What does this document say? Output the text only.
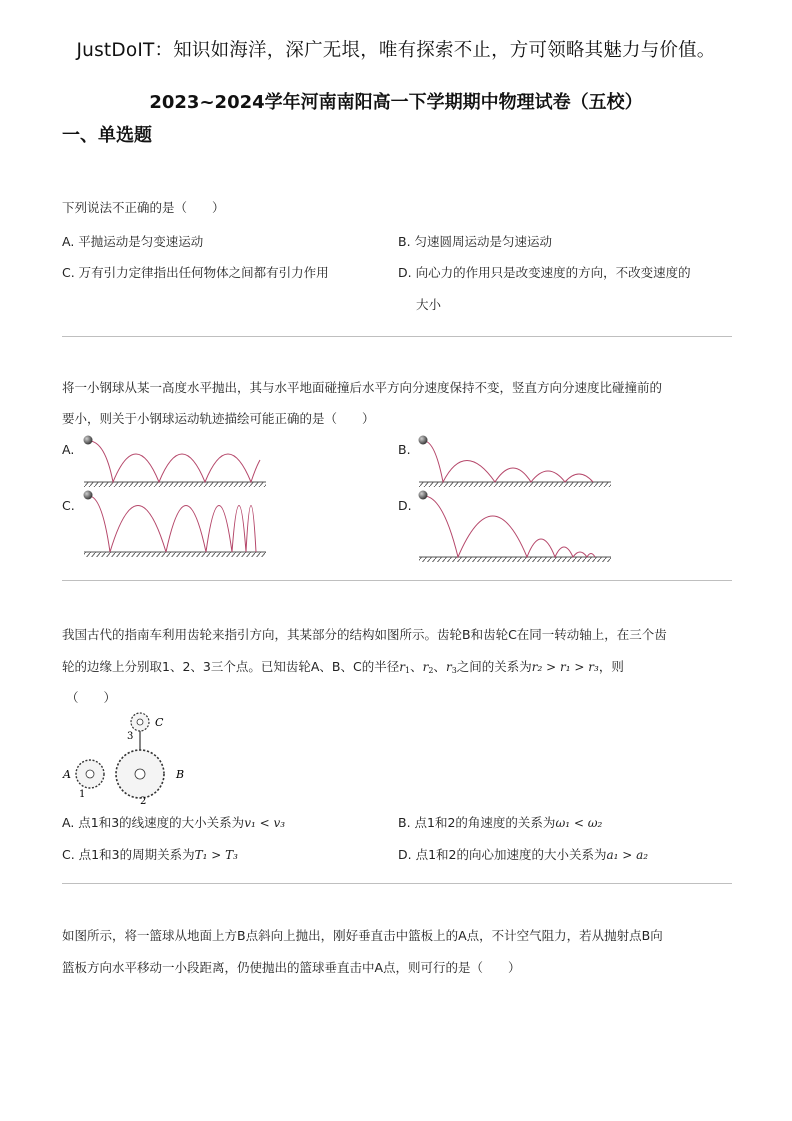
JustDoIT：知识如海洋，深广无垠，唯有探索不止，方可领略其魅力与价值。
2023~2024学年河南南阳高一下学期期中物理试卷（五校）
一、单选题
下列说法不正确的是（　　）
A. 平抛运动是匀变速运动	B. 匀速圆周运动是匀速运动
C. 万有引力定律指出任何物体之间都有引力作用	D. 向心力的作用只是改变速度的方向，不改变速度的
大小
将一小钢球从某一高度水平抛出，其与水平地面碰撞后水平方向分速度保持不变，竖直方向分速度比碰撞前的
要小，则关于小钢球运动轨迹描绘可能正确的是（　　）
A.	B.
C.	D.
我国古代的指南车利用齿轮来指引方向，其某部分的结构如图所示。齿轮B和齿轮C在同一转动轴上，在三个齿
轮的边缘上分别取1、2、3三个点。已知齿轮A、B、C的半径$r_1$、$r_2$、$r_3$之间的关系为r₂ > r₁ > r₃，则
（　　）
C
3
A
1
B
2
A. 点1和3的线速度的大小关系为v₁ < v₃	B. 点1和2的角速度的关系为ω₁ < ω₂
C. 点1和3的周期关系为T₁ > T₃	D. 点1和2的向心加速度的大小关系为a₁ > a₂
如图所示，将一篮球从地面上方B点斜向上抛出，刚好垂直击中篮板上的A点，不计空气阻力，若从抛射点B向
篮板方向水平移动一小段距离，仍使抛出的篮球垂直击中A点，则可行的是（　　）
